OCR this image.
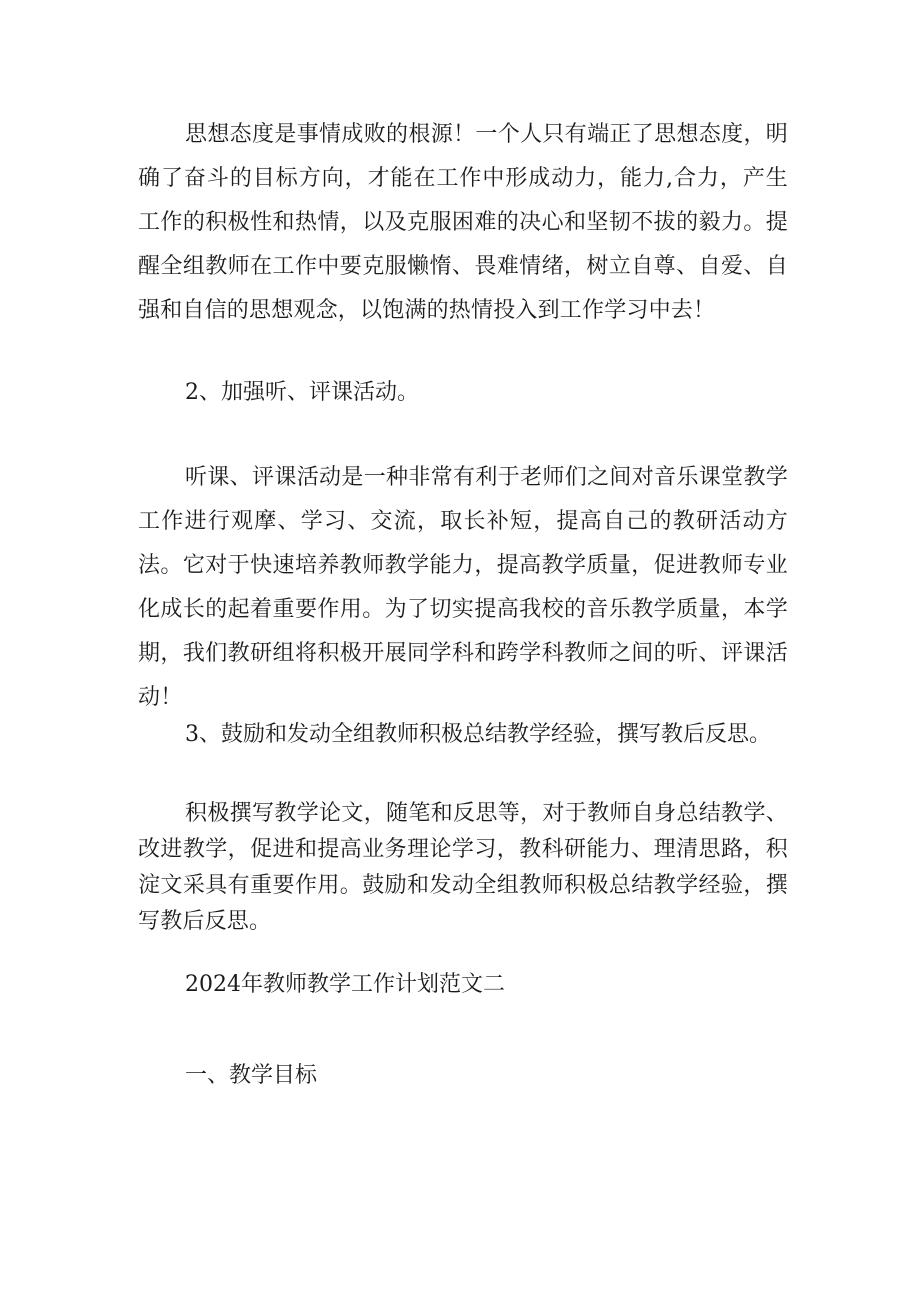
思想态度是事情成败的根源！一个人只有端正了思想态度，明确了奋斗的目标方向，才能在工作中形成动力，能力,合力，产生工作的积极性和热情，以及克服困难的决心和坚韧不拔的毅力。提醒全组教师在工作中要克服懒惰、畏难情绪，树立自尊、自爱、自强和自信的思想观念，以饱满的热情投入到工作学习中去！

2、加强听、评课活动。

听课、评课活动是一种非常有利于老师们之间对音乐课堂教学工作进行观摩、学习、交流，取长补短，提高自己的教研活动方法。它对于快速培养教师教学能力，提高教学质量，促进教师专业化成长的起着重要作用。为了切实提高我校的音乐教学质量，本学期，我们教研组将积极开展同学科和跨学科教师之间的听、评课活动！

3、鼓励和发动全组教师积极总结教学经验，撰写教后反思。

积极撰写教学论文，随笔和反思等，对于教师自身总结教学、改进教学，促进和提高业务理论学习，教科研能力、理清思路，积淀文采具有重要作用。鼓励和发动全组教师积极总结教学经验，撰写教后反思。

2024年教师教学工作计划范文二

一、教学目标
